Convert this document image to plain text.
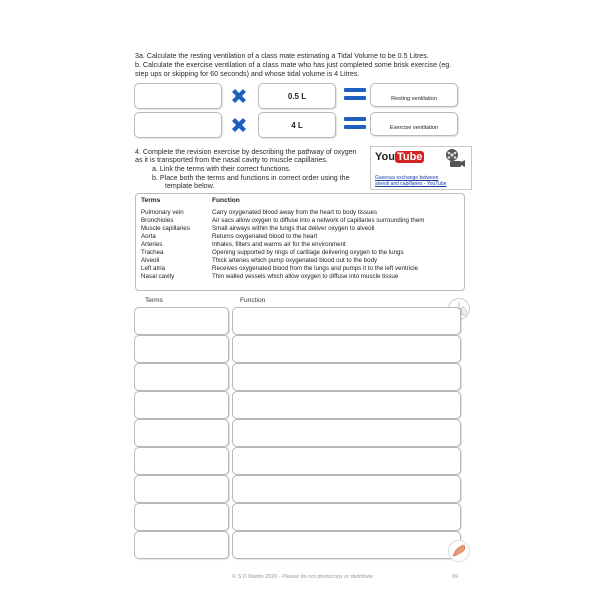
3a. Calculate the resting ventilation of a class mate estimating a Tidal Volume to be 0.5 Litres.
b. Calculate the exercise ventilation of a class mate who has just completed some brisk exercise (eg.
step ups or skipping for 60 seconds) and whose tidal volume is 4 Litres.
0.5 L	Resting ventilation
4 L	Exercise ventilation
4. Complete the revision exercise by describing the pathway of oxygen
as it is transported from the nasal cavity to muscle capillaries.
a. Link the terms with their correct functions.
b. Place both the terms and functions in correct order using the
template below.
You Tube
Gaseous exchange between
alveoli and capillaries - YouTube
Terms	Function
Pulmonary vein	Carry oxygenated blood away from the heart to body tissues
Bronchioles	Air sacs allow oxygen to diffuse into a network of capillaries surrounding them
Muscle capillaries	Small airways within the lungs that deliver oxygen to alveoli
Aorta	Returns oxygenated blood to the heart
Arteries	Inhales, filters and warms air for the environment
Trachea	Opening supported by rings of cartilage delivering oxygen to the lungs
Alveoli	Thick arteries which pump oxygenated blood out to the body
Left atria	Receives oxygenated blood from the lungs and pumps it to the left ventricle
Nasal cavity	Thin walled vessels which allow oxygen to diffuse into muscle tissue
Terms	Function
© S D Martin 2026 - Please do not photocopy or distribute	69
